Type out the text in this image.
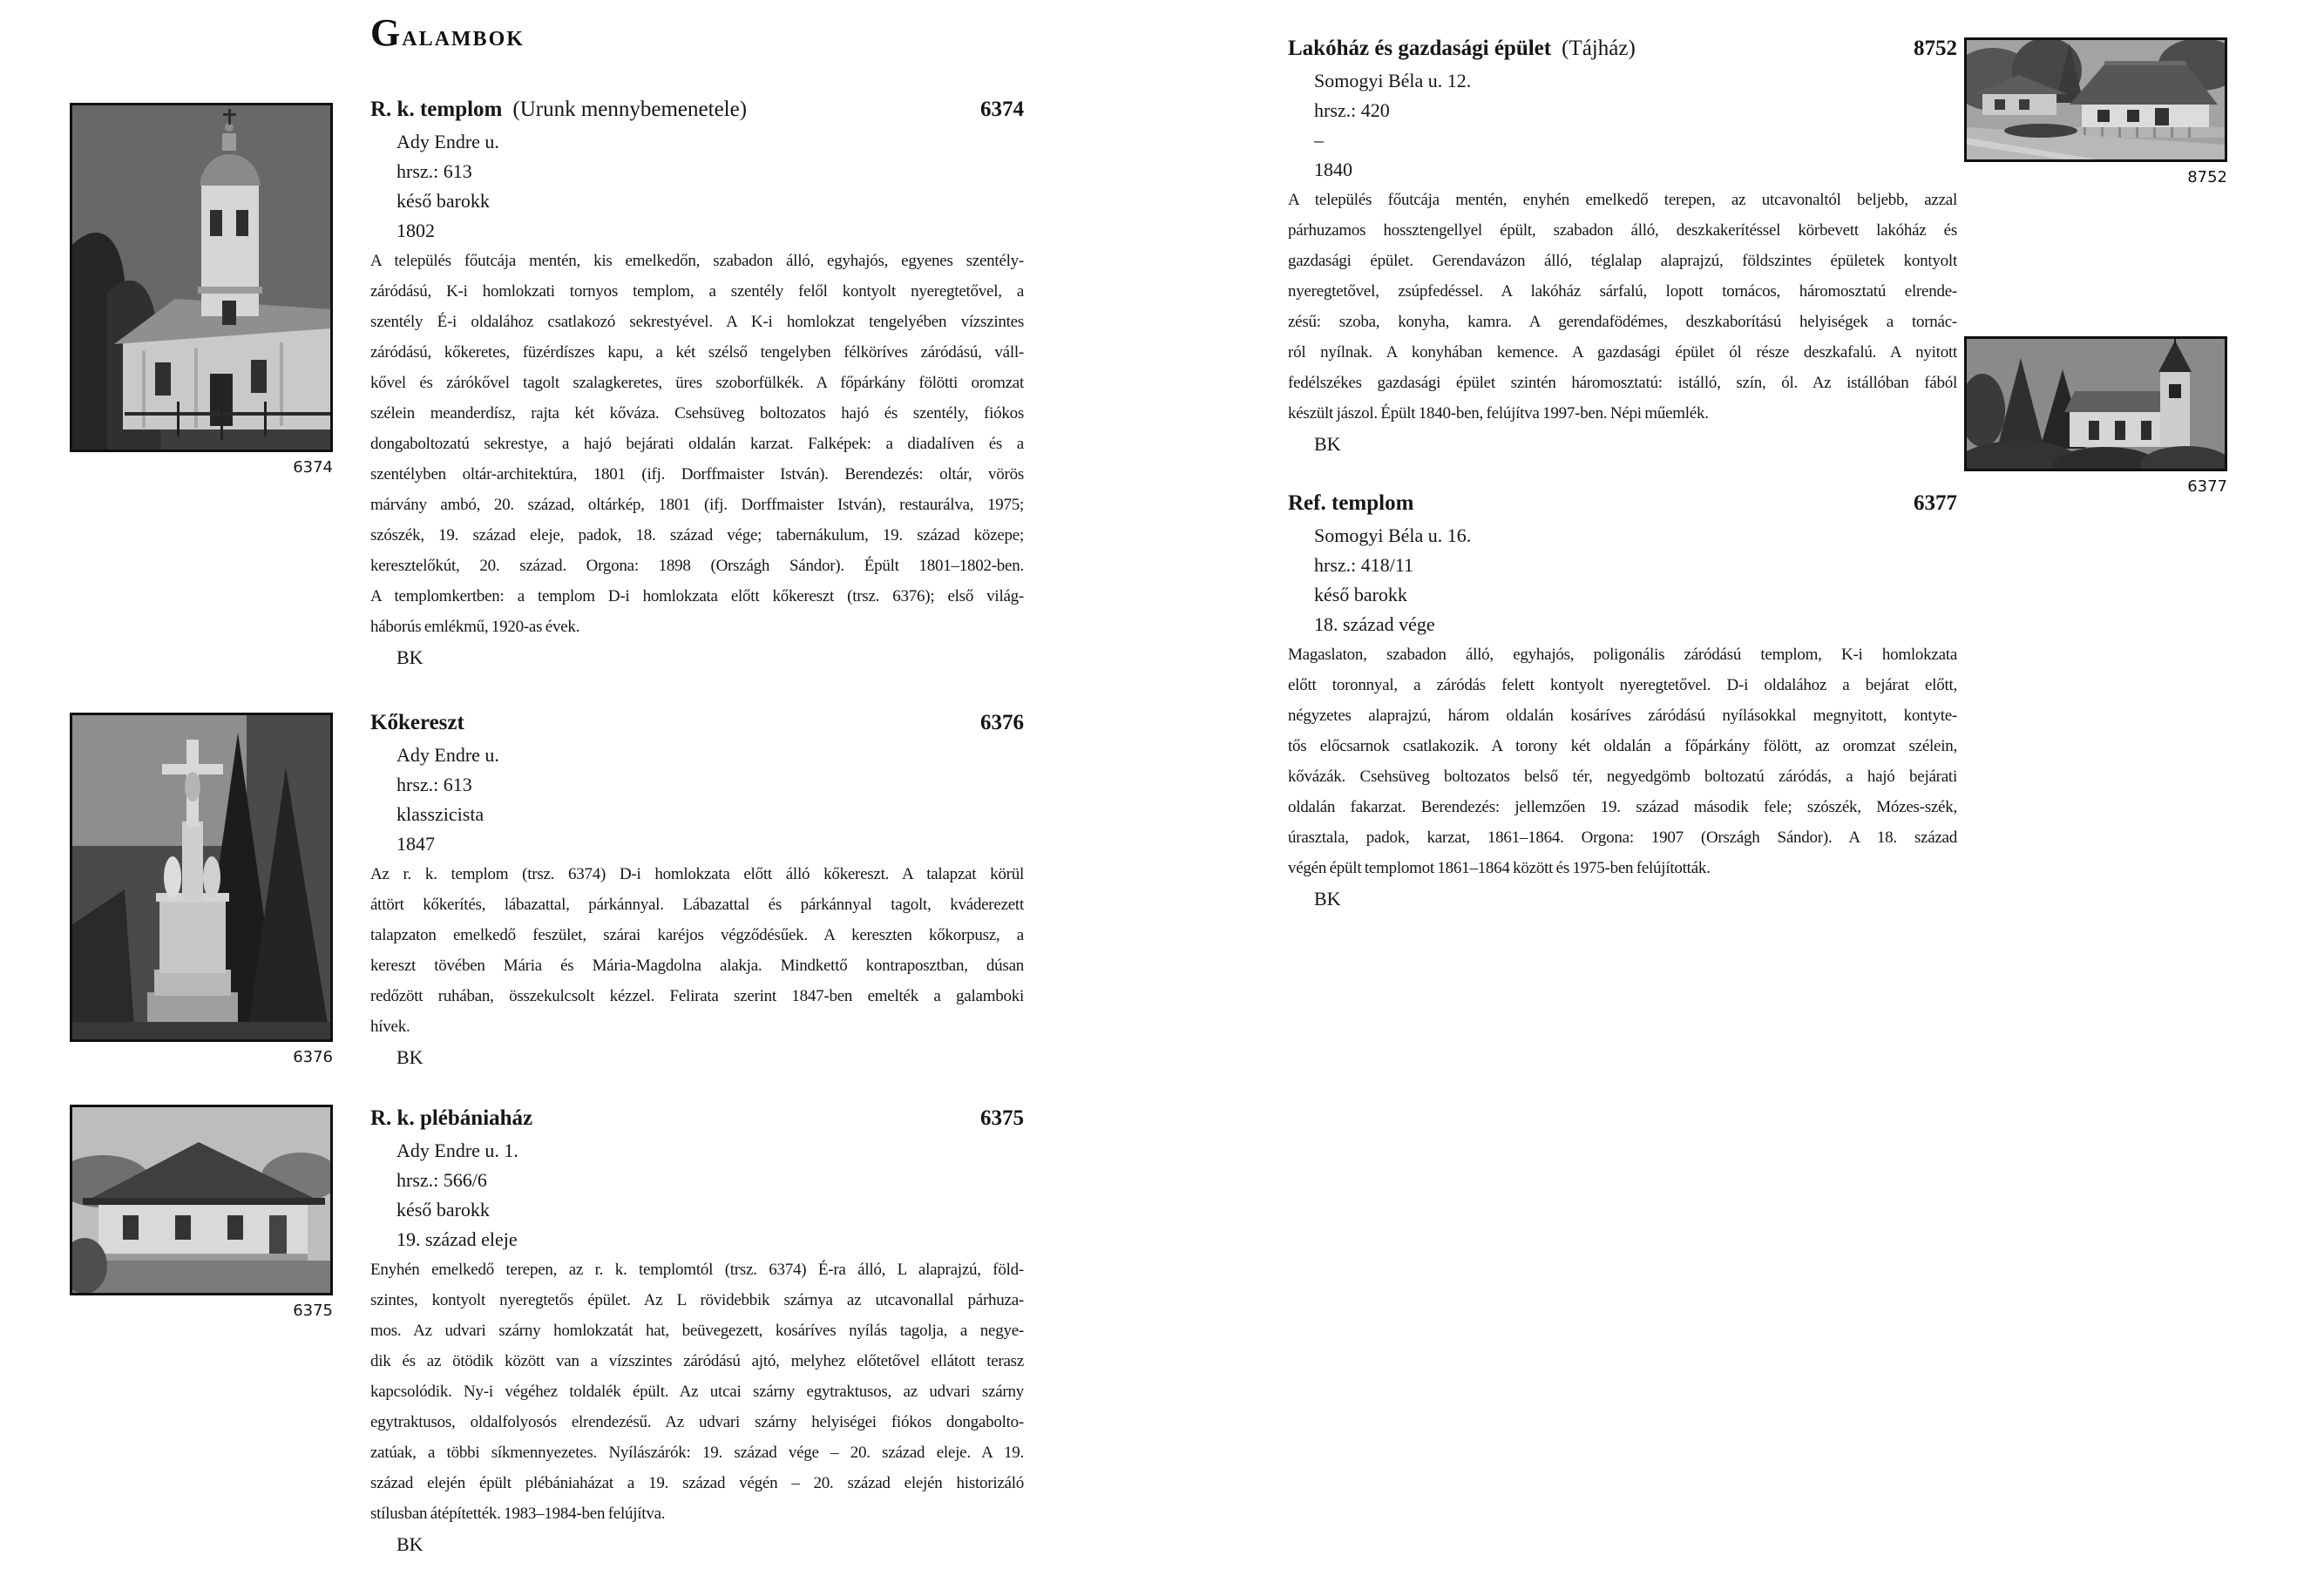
Galambok
6374
6376
6375
8752
6377
R. k. templom (Urunk mennybemenetele)	6374
Ady Endre u.
hrsz.: 613
késő barokk
1802
A település főutcája mentén, kis emelkedőn, szabadon álló, egyhajós, egyenes szentély-
záródású, K-i homlokzati tornyos templom, a szentély felől kontyolt nyeregtetővel, a
szentély É-i oldalához csatlakozó sekrestyével. A K-i homlokzat tengelyében vízszintes
záródású, kőkeretes, füzérdíszes kapu, a két szélső tengelyben félköríves záródású, váll-
kővel és zárókővel tagolt szalagkeretes, üres szoborfülkék. A főpárkány fölötti oromzat
szélein meanderdísz, rajta két kőváza. Csehsüveg boltozatos hajó és szentély, fiókos
dongaboltozatú sekrestye, a hajó bejárati oldalán karzat. Falképek: a diadalíven és a
szentélyben oltár-architektúra, 1801 (ifj. Dorffmaister István). Berendezés: oltár, vörös
márvány ambó, 20. század, oltárkép, 1801 (ifj. Dorffmaister István), restaurálva, 1975;
szószék, 19. század eleje, padok, 18. század vége; tabernákulum, 19. század közepe;
keresztelőkút, 20. század. Orgona: 1898 (Országh Sándor). Épült 1801–1802-ben.
A templomkertben: a templom D-i homlokzata előtt kőkereszt (trsz. 6376); első világ-
háborús emlékmű, 1920-as évek.
BK
Kőkereszt	6376
Ady Endre u.
hrsz.: 613
klasszicista
1847
Az r. k. templom (trsz. 6374) D-i homlokzata előtt álló kőkereszt. A talapzat körül
áttört kőkerítés, lábazattal, párkánnyal. Lábazattal és párkánnyal tagolt, kváderezett
talapzaton emelkedő feszület, szárai karéjos végződésűek. A kereszten kőkorpusz, a
kereszt tövében Mária és Mária-Magdolna alakja. Mindkettő kontraposztban, dúsan
redőzött ruhában, összekulcsolt kézzel. Felirata szerint 1847-ben emelték a galamboki
hívek.
BK
R. k. plébániaház	6375
Ady Endre u. 1.
hrsz.: 566/6
késő barokk
19. század eleje
Enyhén emelkedő terepen, az r. k. templomtól (trsz. 6374) É-ra álló, L alaprajzú, föld-
szintes, kontyolt nyeregtetős épület. Az L rövidebbik szárnya az utcavonallal párhuza-
mos. Az udvari szárny homlokzatát hat, beüvegezett, kosáríves nyílás tagolja, a negye-
dik és az ötödik között van a vízszintes záródású ajtó, melyhez előtetővel ellátott terasz
kapcsolódik. Ny-i végéhez toldalék épült. Az utcai szárny egytraktusos, az udvari szárny
egytraktusos, oldalfolyosós elrendezésű. Az udvari szárny helyiségei fiókos dongabolto-
zatúak, a többi síkmennyezetes. Nyílászárók: 19. század vége – 20. század eleje. A 19.
század elején épült plébániaházat a 19. század végén – 20. század elején historizáló
stílusban átépítették. 1983–1984-ben felújítva.
BK
Lakóház és gazdasági épület (Tájház)	8752
Somogyi Béla u. 12.
hrsz.: 420
–
1840
A település főutcája mentén, enyhén emelkedő terepen, az utcavonaltól beljebb, azzal
párhuzamos hossztengellyel épült, szabadon álló, deszkakerítéssel körbevett lakóház és
gazdasági épület. Gerendavázon álló, téglalap alaprajzú, földszintes épületek kontyolt
nyeregtetővel, zsúpfedéssel. A lakóház sárfalú, lopott tornácos, háromosztatú elrende-
zésű: szoba, konyha, kamra. A gerendafödémes, deszkaborítású helyiségek a tornác-
ról nyílnak. A konyhában kemence. A gazdasági épület ól része deszkafalú. A nyitott
fedélszékes gazdasági épület szintén háromosztatú: istálló, szín, ól. Az istállóban fából
készült jászol. Épült 1840-ben, felújítva 1997-ben. Népi műemlék.
BK
Ref. templom	6377
Somogyi Béla u. 16.
hrsz.: 418/11
késő barokk
18. század vége
Magaslaton, szabadon álló, egyhajós, poligonális záródású templom, K-i homlokzata
előtt toronnyal, a záródás felett kontyolt nyeregtetővel. D-i oldalához a bejárat előtt,
négyzetes alaprajzú, három oldalán kosáríves záródású nyílásokkal megnyitott, kontyte-
tős előcsarnok csatlakozik. A torony két oldalán a főpárkány fölött, az oromzat szélein,
kővázák. Csehsüveg boltozatos belső tér, negyedgömb boltozatú záródás, a hajó bejárati
oldalán fakarzat. Berendezés: jellemzően 19. század második fele; szószék, Mózes-szék,
úrasztala, padok, karzat, 1861–1864. Orgona: 1907 (Országh Sándor). A 18. század
végén épült templomot 1861–1864 között és 1975-ben felújították.
BK
